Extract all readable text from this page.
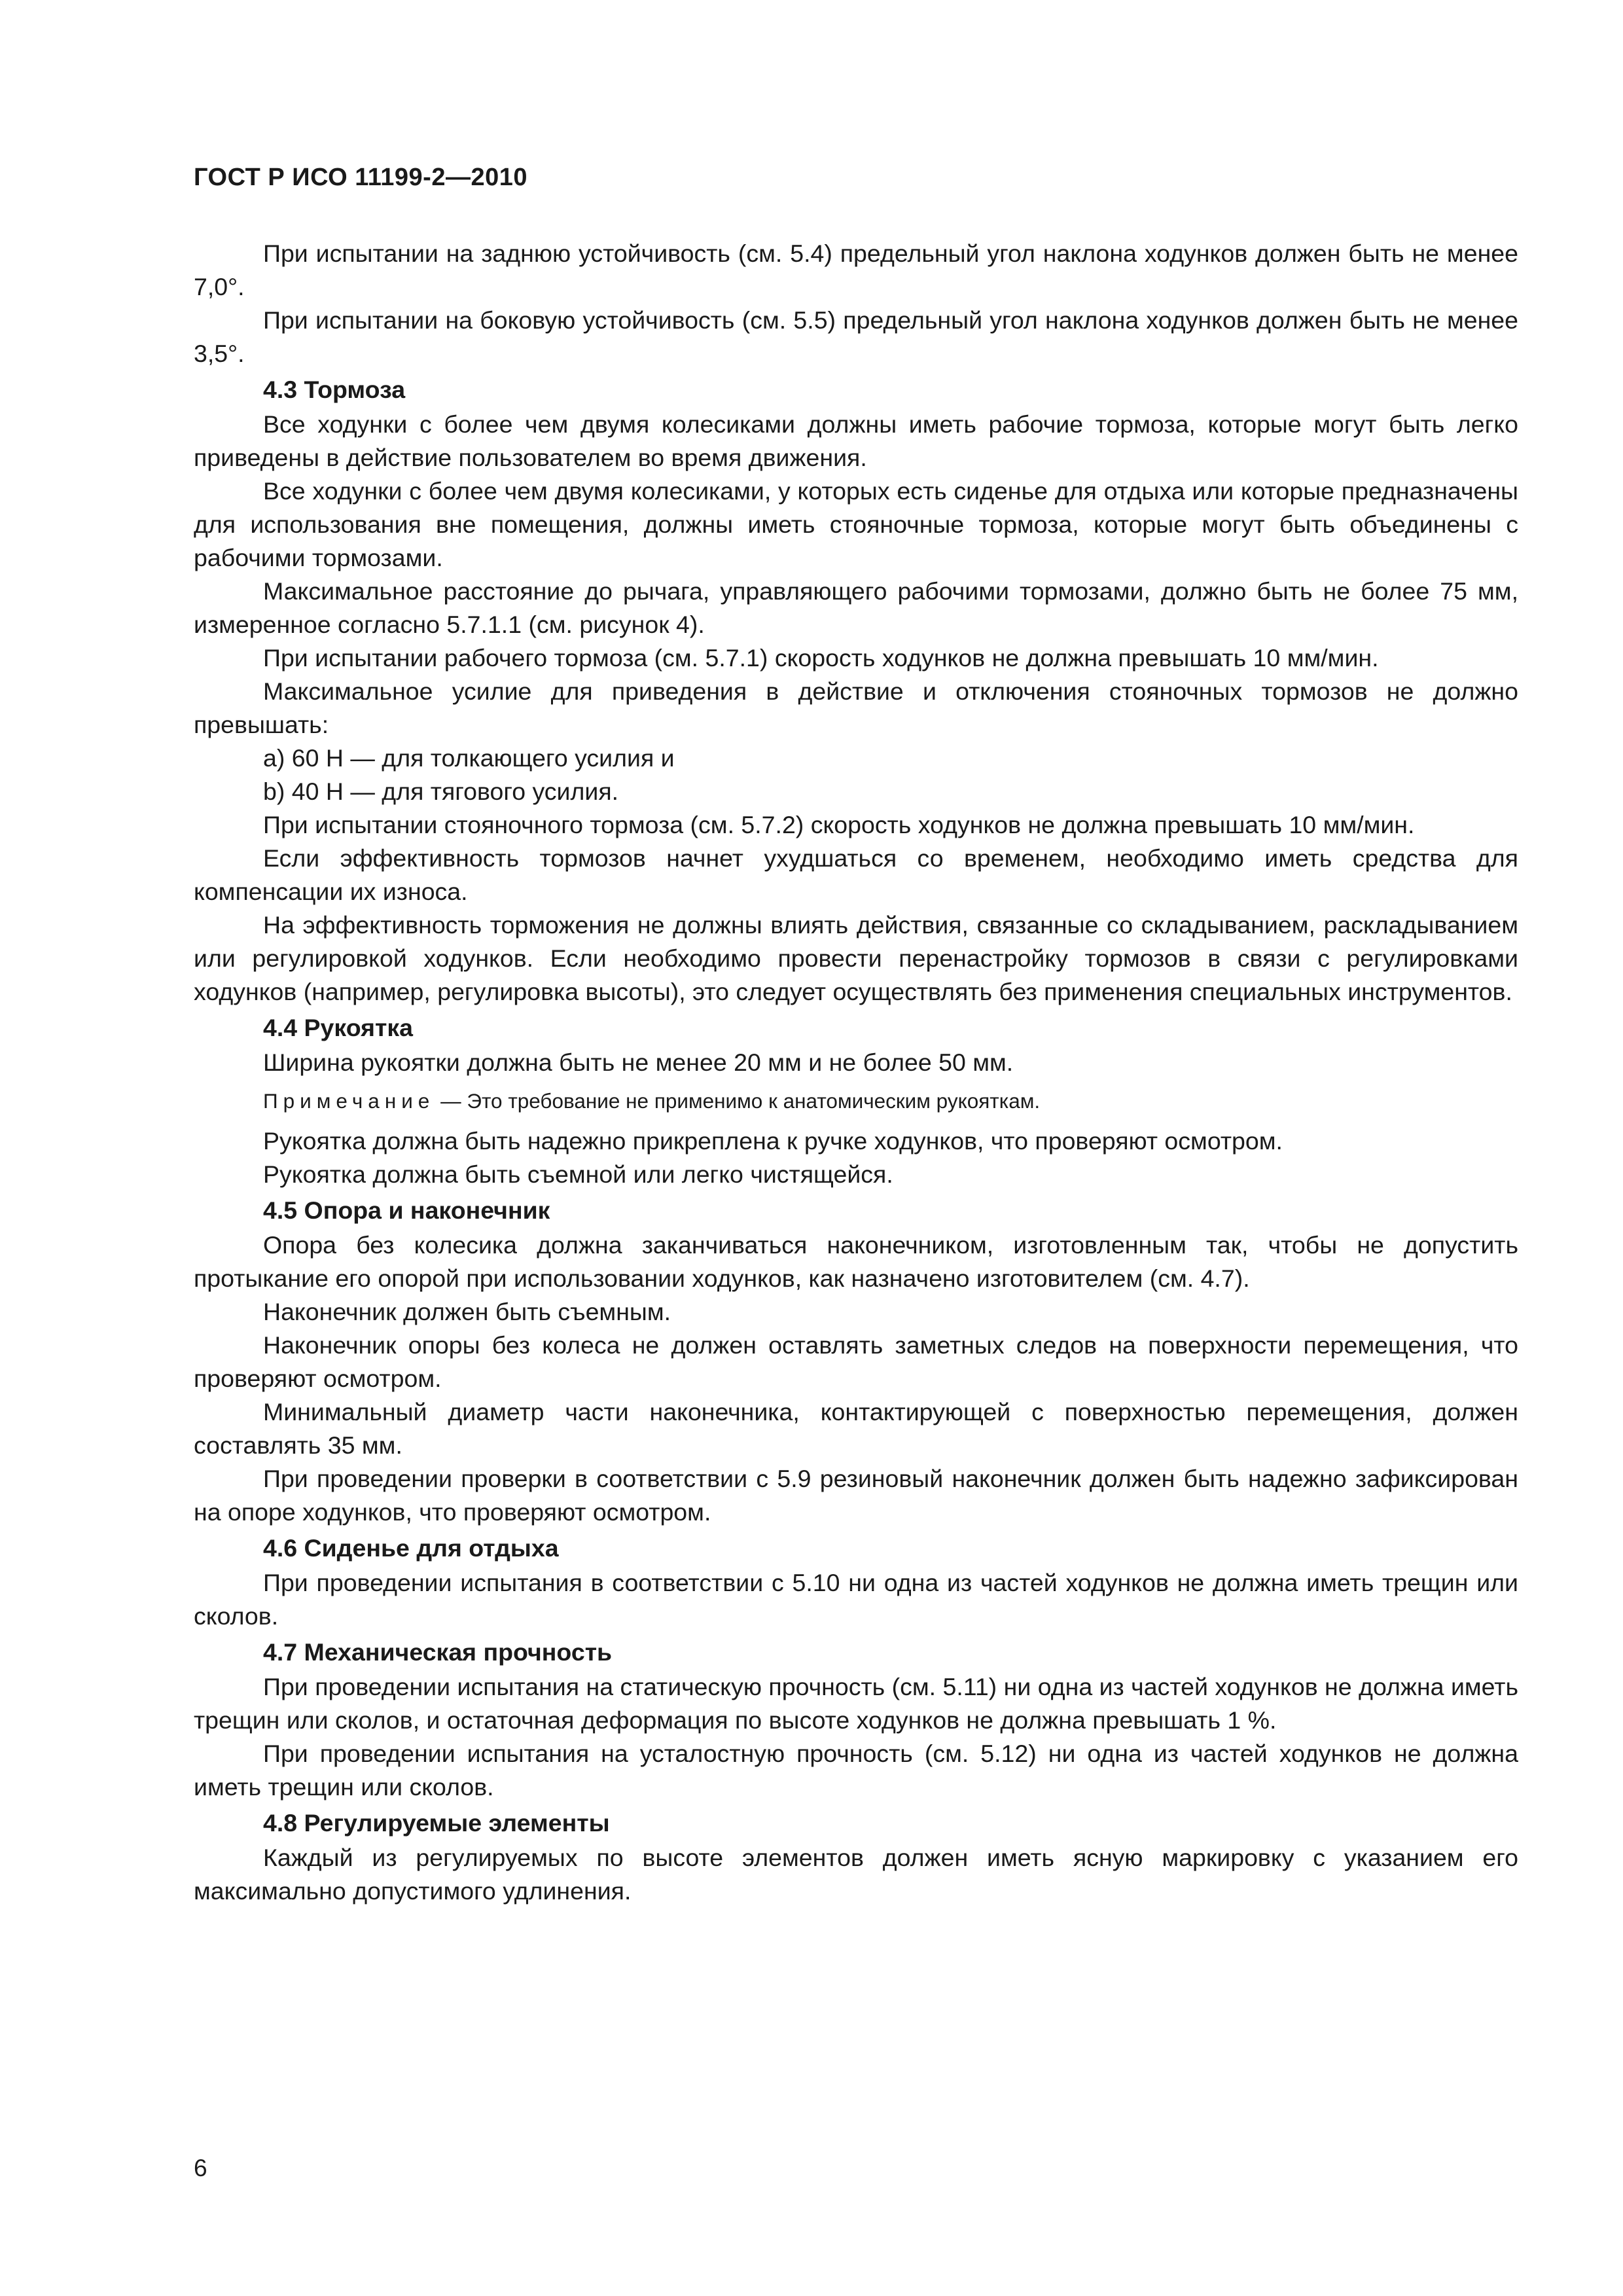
ГОСТ Р ИСО 11199-2—2010

При испытании на заднюю устойчивость (см. 5.4) предельный угол наклона ходунков должен быть не менее 7,0°.

При испытании на боковую устойчивость (см. 5.5) предельный угол наклона ходунков должен быть не менее 3,5°.

4.3 Тормоза

Все ходунки с более чем двумя колесиками должны иметь рабочие тормоза, которые могут быть легко приведены в действие пользователем во время движения.

Все ходунки с более чем двумя колесиками, у которых есть сиденье для отдыха или которые предназначены для использования вне помещения, должны иметь стояночные тормоза, которые могут быть объединены с рабочими тормозами.

Максимальное расстояние до рычага, управляющего рабочими тормозами, должно быть не более 75 мм, измеренное согласно 5.7.1.1 (см. рисунок 4).

При испытании рабочего тормоза (см. 5.7.1) скорость ходунков не должна превышать 10 мм/мин.

Максимальное усилие для приведения в действие и отключения стояночных тормозов не должно превышать:

a) 60 Н — для толкающего усилия и

b) 40 Н — для тягового усилия.

При испытании стояночного тормоза (см. 5.7.2) скорость ходунков не должна превышать 10 мм/мин.

Если эффективность тормозов начнет ухудшаться со временем, необходимо иметь средства для компенсации их износа.

На эффективность торможения не должны влиять действия, связанные со складыванием, раскладыванием или регулировкой ходунков. Если необходимо провести перенастройку тормозов в связи с регулировками ходунков (например, регулировка высоты), это следует осуществлять без применения специальных инструментов.

4.4 Рукоятка

Ширина рукоятки должна быть не менее 20 мм и не более 50 мм.

Примечание — Это требование не применимо к анатомическим рукояткам.

Рукоятка должна быть надежно прикреплена к ручке ходунков, что проверяют осмотром.

Рукоятка должна быть съемной или легко чистящейся.

4.5 Опора и наконечник

Опора без колесика должна заканчиваться наконечником, изготовленным так, чтобы не допустить протыкание его опорой при использовании ходунков, как назначено изготовителем (см. 4.7).

Наконечник должен быть съемным.

Наконечник опоры без колеса не должен оставлять заметных следов на поверхности перемещения, что проверяют осмотром.

Минимальный диаметр части наконечника, контактирующей с поверхностью перемещения, должен составлять 35 мм.

При проведении проверки в соответствии с 5.9 резиновый наконечник должен быть надежно зафиксирован на опоре ходунков, что проверяют осмотром.

4.6 Сиденье для отдыха

При проведении испытания в соответствии с 5.10 ни одна из частей ходунков не должна иметь трещин или сколов.

4.7 Механическая прочность

При проведении испытания на статическую прочность (см. 5.11) ни одна из частей ходунков не должна иметь трещин или сколов, и остаточная деформация по высоте ходунков не должна превышать 1 %.

При проведении испытания на усталостную прочность (см. 5.12) ни одна из частей ходунков не должна иметь трещин или сколов.

4.8 Регулируемые элементы

Каждый из регулируемых по высоте элементов должен иметь ясную маркировку с указанием его максимально допустимого удлинения.

6
